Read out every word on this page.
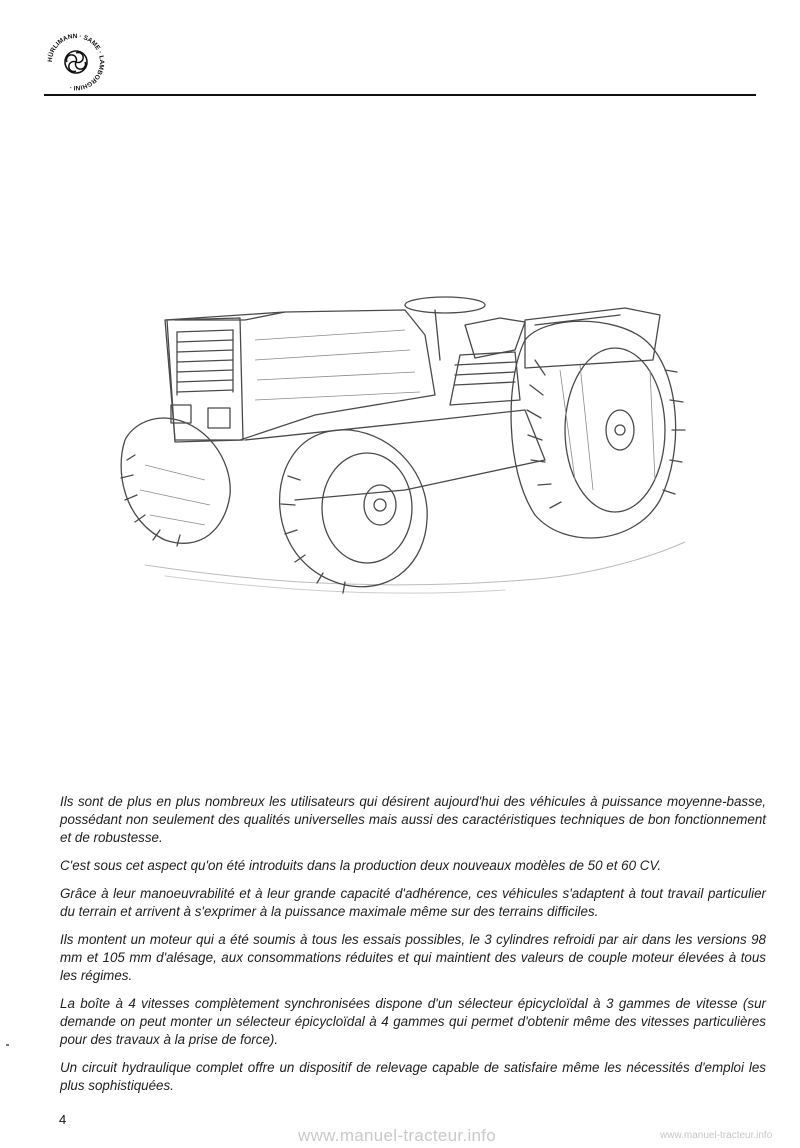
HÜRLIMANN · SAME · LAMBORGHINI ·

Ils sont de plus en plus nombreux les utilisateurs qui désirent aujourd'hui des véhicules à puissance moyenne-basse, possédant non seulement des qualités universelles mais aussi des caractéristiques techniques de bon fonctionnement et de robustesse.

C'est sous cet aspect qu'on été introduits dans la production deux nouveaux modèles de 50 et 60 CV.

Grâce à leur manoeuvrabilité et à leur grande capacité d'adhérence, ces véhicules s'adaptent à tout travail particulier du terrain et arrivent à s'exprimer à la puissance maximale même sur des terrains difficiles.

Ils montent un moteur qui a été soumis à tous les essais possibles, le 3 cylindres refroidi par air dans les versions 98 mm et 105 mm d'alésage, aux consommations réduites et qui maintient des valeurs de couple moteur élevées à tous les régimes.

La boîte à 4 vitesses complètement synchronisées dispone d'un sélecteur épicycloïdal à 3 gammes de vitesse (sur demande on peut monter un sélecteur épicycloïdal à 4 gammes qui permet d'obtenir même des vitesses particulières pour des travaux à la prise de force).

Un circuit hydraulique complet offre un dispositif de relevage capable de satisfaire même les nécessités d'emploi les plus sophistiquées.

4
www.manuel-tracteur.info	www.manuel-tracteur.info
